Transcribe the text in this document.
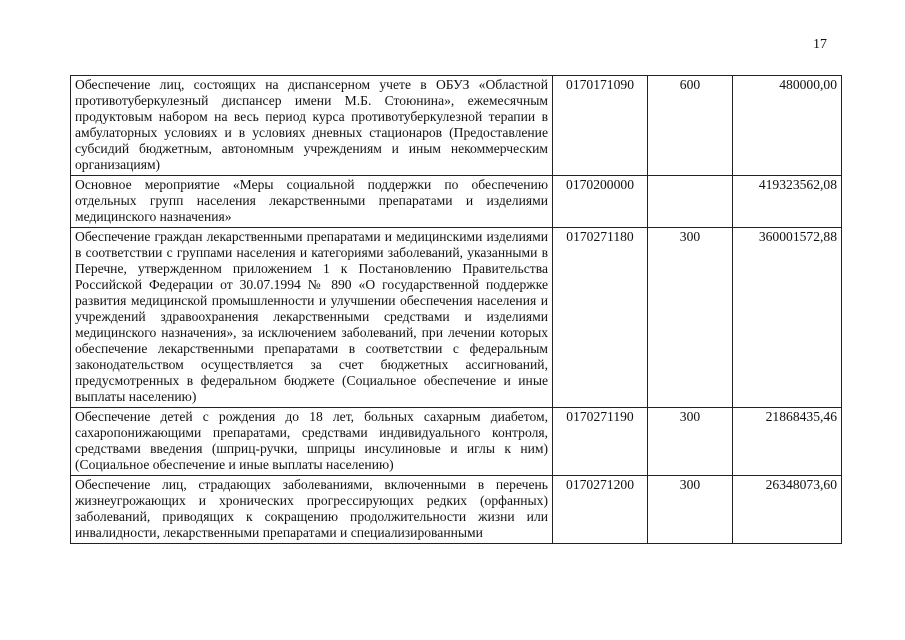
17
Обеспечение лиц, состоящих на диспансерном учете в ОБУЗ «Областной противотуберкулезный диспансер имени М.Б. Стоюнина», ежемесячным продуктовым набором на весь период курса противотуберкулезной терапии в амбулаторных условиях и в условиях дневных стационаров (Предоставление субсидий бюджетным, автономным учреждениям и иным некоммерческим организациям)	0170171090	600	480000,00
Основное мероприятие «Меры социальной поддержки по обеспечению отдельных групп населения лекарственными препаратами и изделиями медицинского назначения»	0170200000		419323562,08
Обеспечение граждан лекарственными препаратами и медицинскими изделиями в соответствии с группами населения и категориями заболеваний, указанными в Перечне, утвержденном приложением 1 к Постановлению Правительства Российской Федерации от 30.07.1994 № 890 «О государственной поддержке развития медицинской промышленности и улучшении обеспечения населения и учреждений здравоохранения лекарственными средствами и изделиями медицинского назначения», за исключением заболеваний, при лечении которых обеспечение лекарственными препаратами в соответствии с федеральным законодательством осуществляется за счет бюджетных ассигнований, предусмотренных в федеральном бюджете (Социальное обеспечение и иные выплаты населению)	0170271180	300	360001572,88
Обеспечение детей с рождения до 18 лет, больных сахарным диабетом, сахаропонижающими препаратами, средствами индивидуального контроля, средствами введения (шприц-ручки, шприцы инсулиновые и иглы к ним) (Социальное обеспечение и иные выплаты населению)	0170271190	300	21868435,46
Обеспечение лиц, страдающих заболеваниями, включенными в перечень жизнеугрожающих и хронических прогрессирующих редких (орфанных) заболеваний, приводящих к сокращению продолжительности жизни или инвалидности, лекарственными препаратами и специализированными	0170271200	300	26348073,60
